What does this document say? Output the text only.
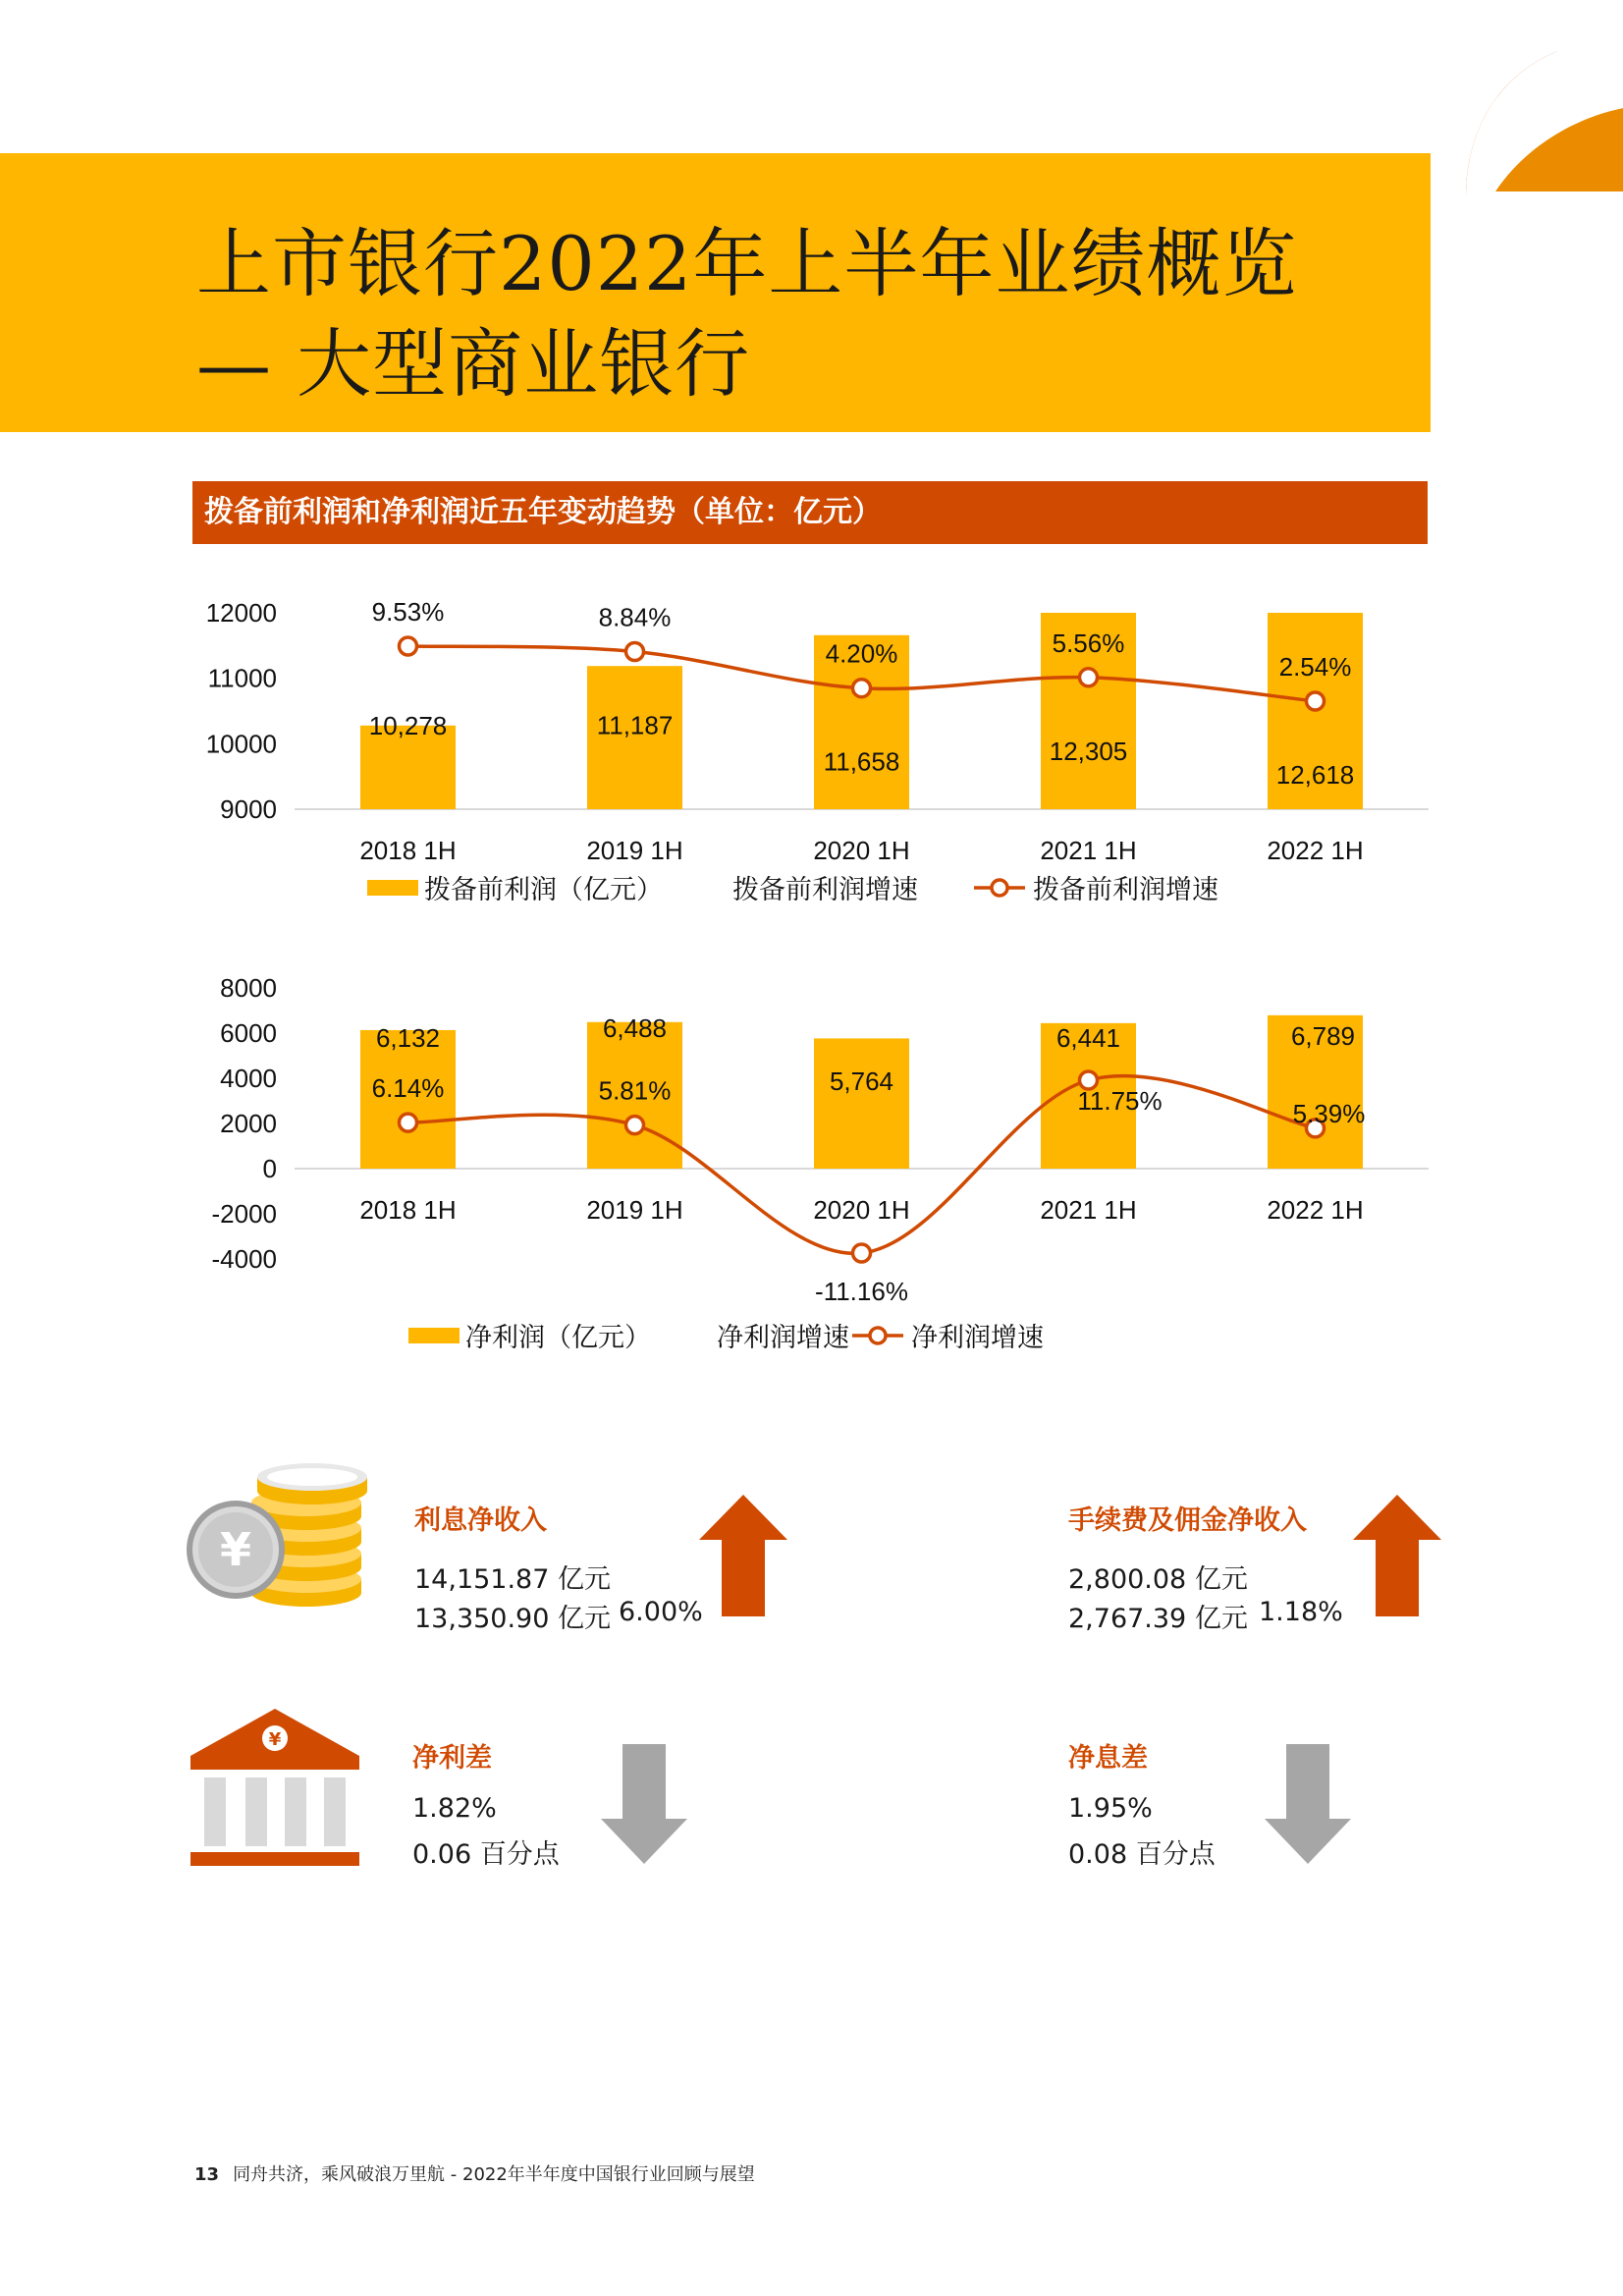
上市银行2022年上半年业绩概览
— 大型商业银行
拨备前利润和净利润近五年变动趋势（单位：亿元）
9000
10000
11000
12000
2018 1H	2019 1H	2020 1H	2021 1H	2022 1H
10,278	11,187
11,658	12,305
12,618
9.53%	8.84%
4.20%	5.56%
2.54%
拨备前利润（亿元）	拨备前利润增速	拨备前利润增速
-4000
-2000
0
2000
4000
6000
8000
2018 1H	2019 1H	2020 1H	2021 1H	2022 1H
6,132	6,488
5,764
6,441	6,789
6.14%	5.81%
-11.16%
11.75%	5.39%
净利润（亿元） 净利润增速 净利润增速
¥
利息净收入
14,151.87 亿元
13,350.90 亿元 6.00%
手续费及佣金净收入
2,800.08 亿元
2,767.39 亿元 1.18%
¥
净利差
1.82%
0.06 百分点
净息差
1.95%
0.08 百分点
13 同舟共济，乘风破浪万里航 - 2022年半年度中国银行业回顾与展望
